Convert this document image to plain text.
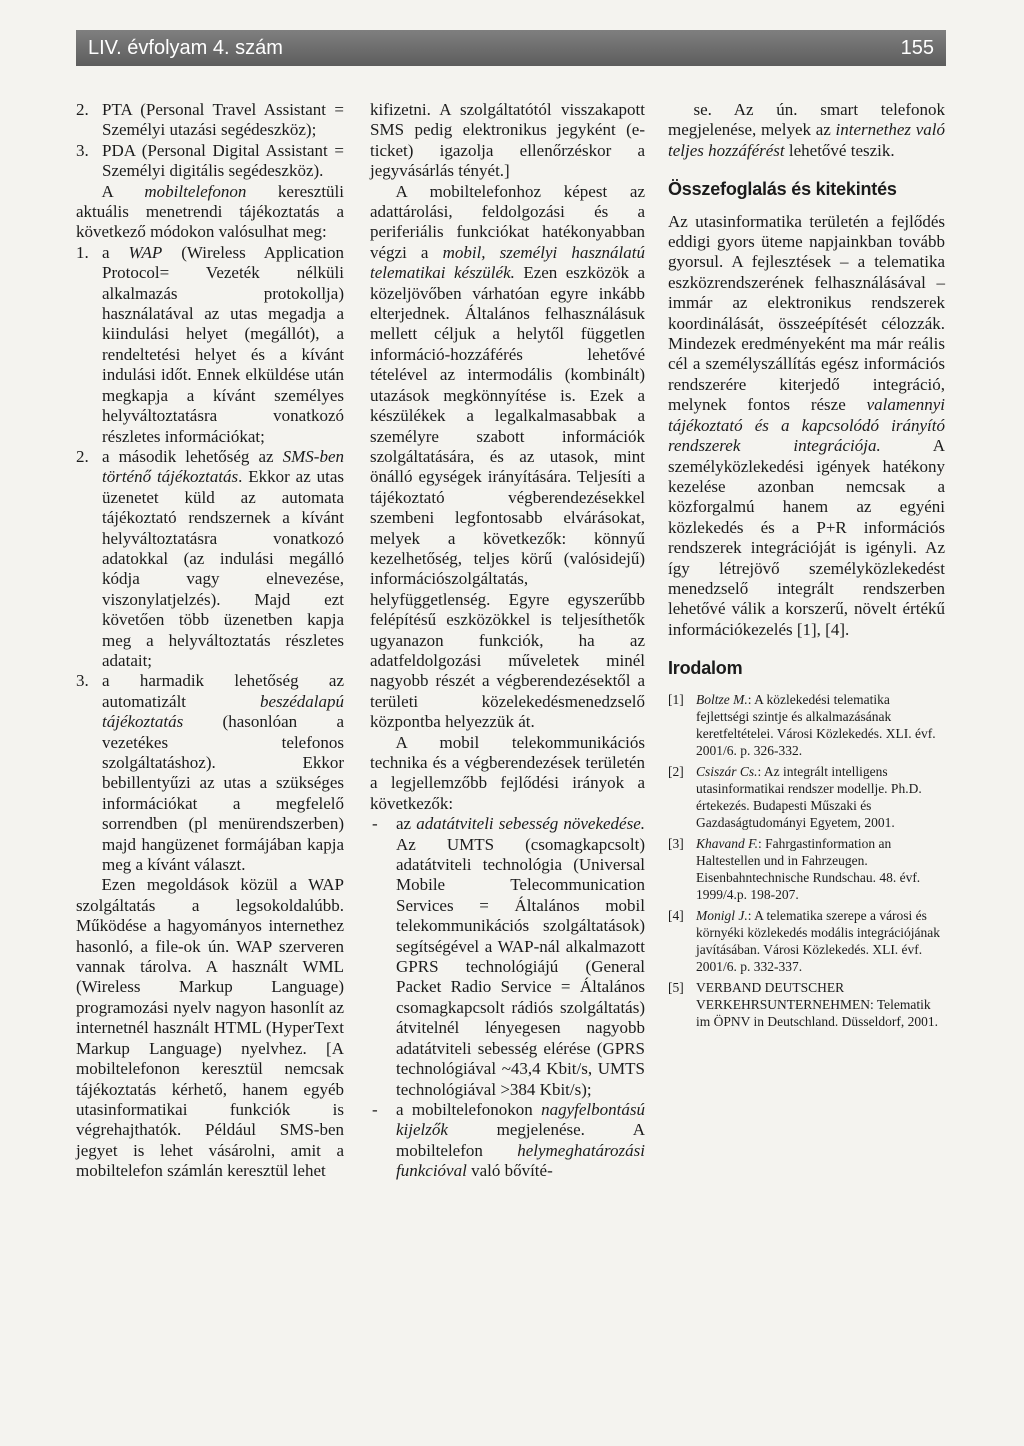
LIV. évfolyam 4. szám	155
2. PTA (Personal Travel Assistant = Személyi utazási segédeszköz);
3. PDA (Personal Digital Assistant = Személyi digitális segédeszköz).

A mobiltelefonon keresztüli aktuális menetrendi tájékoztatás a következő módokon valósulhat meg:

1. a WAP (Wireless Application Protocol= Vezeték nélküli alkalmazás protokollja) használatával az utas megadja a kiindulási helyet (megállót), a rendeltetési helyet és a kívánt indulási időt. Ennek elküldése után megkapja a kívánt személyes helyváltoztatásra vonatkozó részletes információkat;
2. a második lehetőség az SMS-ben történő tájékoztatás. Ekkor az utas üzenetet küld az automata tájékoztató rendszernek a kívánt helyváltoztatásra vonatkozó adatokkal (az indulási megálló kódja vagy elnevezése, viszonylatjelzés). Majd ezt követően több üzenetben kapja meg a helyváltoztatás részletes adatait;
3. a harmadik lehetőség az automatizált beszédalapú tájékoztatás (hasonlóan a vezetékes telefonos szolgáltatáshoz). Ekkor bebillentyűzi az utas a szükséges információkat a megfelelő sorrendben (pl menürendszerben) majd hangüzenet formájában kapja meg a kívánt választ.

Ezen megoldások közül a WAP szolgáltatás a legsokoldalúbb. Működése a hagyományos internethez hasonló, a file-ok ún. WAP szerveren vannak tárolva. A használt WML (Wireless Markup Language) programozási nyelv nagyon hasonlít az internetnél használt HTML (HyperText Markup Language) nyelvhez. [A mobiltelefonon keresztül nemcsak tájékoztatás kérhető, hanem egyéb utasinformatikai funkciók is végrehajthatók. Például SMS-ben jegyet is lehet vásárolni, amit a mobiltelefon számlán keresztül lehet

kifizetni. A szolgáltatótól visszakapott SMS pedig elektronikus jegyként (e-ticket) igazolja ellenőrzéskor a jegyvásárlás tényét.]

A mobiltelefonhoz képest az adattárolási, feldolgozási és a periferiális funkciókat hatékonyabban végzi a mobil, személyi használatú telematikai készülék. Ezen eszközök a közeljövőben várhatóan egyre inkább elterjednek. Általános felhasználásuk mellett céljuk a helytől független információ-hozzáférés lehetővé tételével az intermodális (kombinált) utazások megkönnyítése is. Ezek a készülékek a legalkalmasabbak a személyre szabott információk szolgáltatására, és az utasok, mint önálló egységek irányítására. Teljesíti a tájékoztató végberendezésekkel szembeni legfontosabb elvárásokat, melyek a következők: könnyű kezelhetőség, teljes körű (valósidejű) információszolgáltatás, helyfüggetlenség. Egyre egyszerűbb felépítésű eszközökkel is teljesíthetők ugyanazon funkciók, ha az adatfeldolgozási műveletek minél nagyobb részét a végberendezésektől a területi közelekedésmenedzselő központba helyezzük át.

A mobil telekommunikációs technika és a végberendezések területén a legjellemzőbb fejlődési irányok a következők:

-	az adatátviteli sebesség növekedése. Az UMTS (csomagkapcsolt) adatátviteli technológia (Universal Mobile Telecommunication Services = Általános mobil telekommunikációs szolgáltatások) segítségével a WAP-nál alkalmazott GPRS technológiájú (General Packet Radio Service = Általános csomagkapcsolt rádiós szolgáltatás) átvitelnél lényegesen nagyobb adatátviteli sebesség elérése (GPRS technológiával ~43,4 Kbit/s, UMTS technológiával >384 Kbit/s);
-	a mobiltelefonokon nagyfelbontású kijelzők megjelenése. A mobiltelefon helymeghatározási funkcióval való bővíté-

se. Az ún. smart telefonok megjelenése, melyek az internethez való teljes hozzáférést lehetővé teszik.

Összefoglalás és kitekintés

Az utasinformatika területén a fejlődés eddigi gyors üteme napjainkban tovább gyorsul. A fejlesztések – a telematika eszközrendszerének felhasználásával – immár az elektronikus rendszerek koordinálását, összeépítését célozzák. Mindezek eredményeként ma már reális cél a személyszállítás egész információs rendszerére kiterjedő integráció, melynek fontos része valamennyi tájékoztató és a kapcsolódó irányító rendszerek integrációja. A személyközlekedési igények hatékony kezelése azonban nemcsak a közforgalmú hanem az egyéni közlekedés és a P+R információs rendszerek integrációját is igényli. Az így létrejövő személyközlekedést menedzselő integrált rendszerben lehetővé válik a korszerű, növelt értékű információkezelés [1], [4].

Irodalom
[1] Boltze M.: A közlekedési telematika fejlettségi szintje és alkalmazásának keretfeltételei. Városi Közlekedés. XLI. évf. 2001/6. p. 326-332.
[2] Csiszár Cs.: Az integrált intelligens utasinformatikai rendszer modellje. Ph.D. értekezés. Budapesti Műszaki és Gazdaságtudományi Egyetem, 2001.
[3] Khavand F.: Fahrgastinformation an Haltestellen und in Fahrzeugen. Eisenbahntechnische Rundschau. 48. évf. 1999/4.p. 198-207.
[4] Monigl J.: A telematika szerepe a városi és környéki közlekedés modális integrációjának javításában. Városi Közlekedés. XLI. évf. 2001/6. p. 332-337.
[5] VERBAND DEUTSCHER VERKEHRSUNTERNEHMEN: Telematik im ÖPNV in Deutschland. Düsseldorf, 2001.
